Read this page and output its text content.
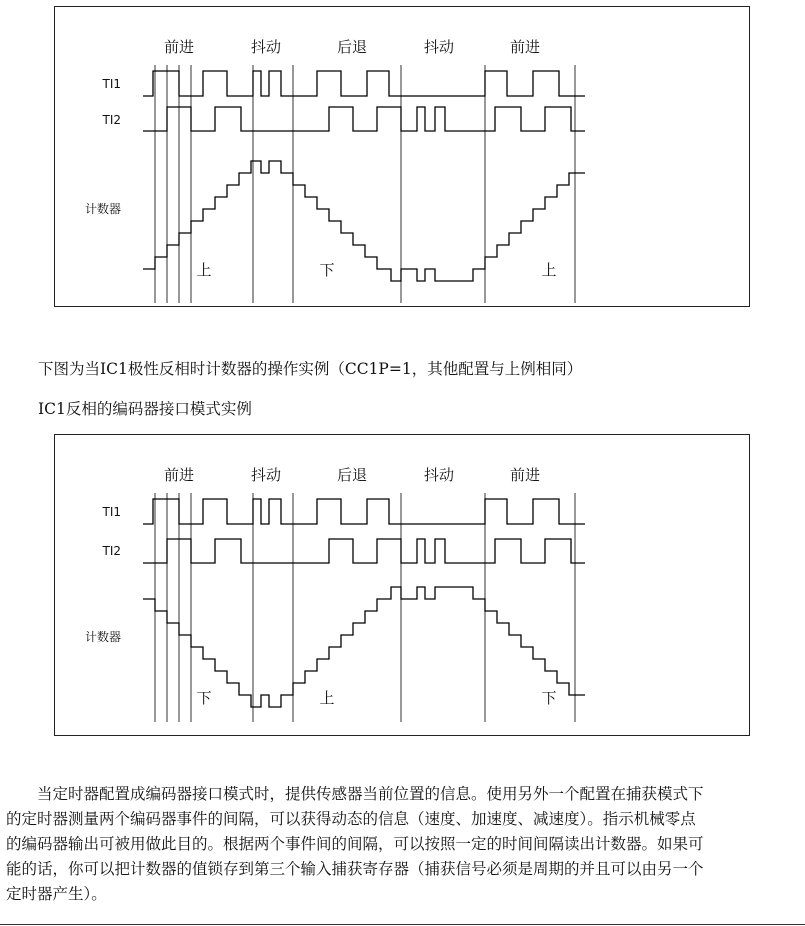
前进	抖动	后退	抖动	前进
TI1
TI2
计数器
上	下	上
下图为当IC1极性反相时计数器的操作实例（CC1P=1，其他配置与上例相同）
IC1反相的编码器接口模式实例
前进	抖动	后退	抖动	前进
TI1
TI2
计数器
下	上	下

　　当定时器配置成编码器接口模式时，提供传感器当前位置的信息。使用另外一个配置在捕获模式下
的定时器测量两个编码器事件的间隔，可以获得动态的信息（速度、加速度、减速度）。指示机械零点
的编码器输出可被用做此目的。根据两个事件间的间隔，可以按照一定的时间间隔读出计数器。如果可
能的话，你可以把计数器的值锁存到第三个输入捕获寄存器（捕获信号必须是周期的并且可以由另一个
定时器产生）。
